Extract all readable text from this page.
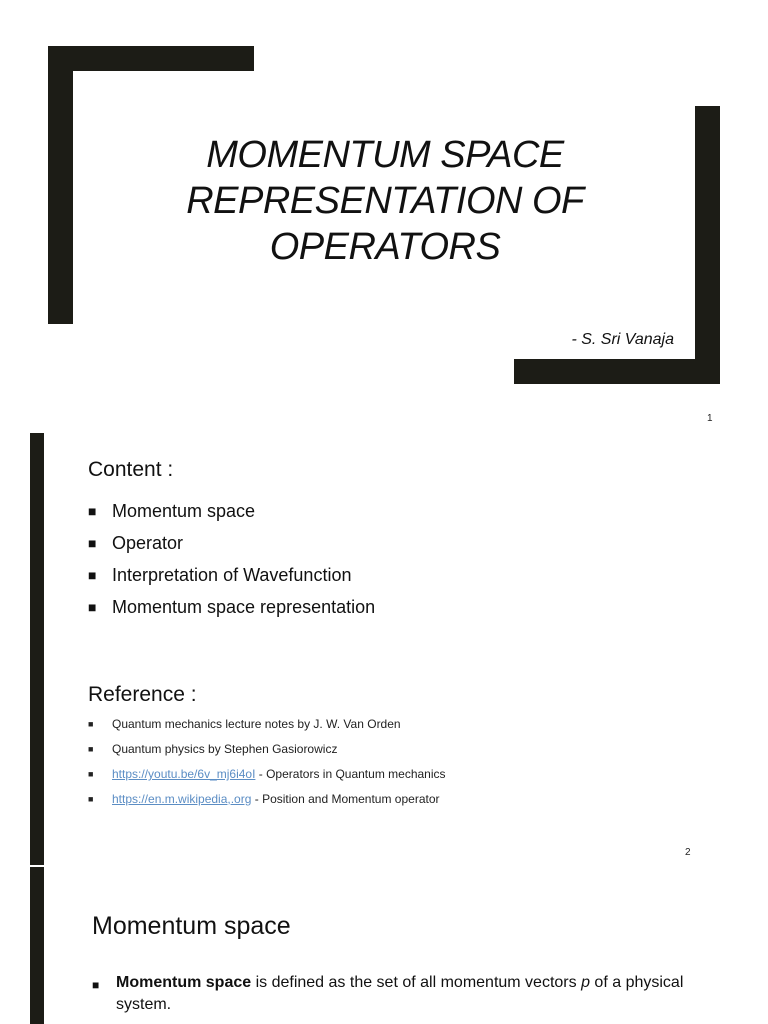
MOMENTUM SPACE
REPRESENTATION OF
OPERATORS
- S. Sri Vanaja
1
Content :
■ Momentum space
■ Operator
■ Interpretation of Wavefunction
■ Momentum space representation
Reference :
■ Quantum mechanics lecture notes by J. W. Van Orden
■ Quantum physics by Stephen Gasiorowicz
■ https://youtu.be/6v_mj6i4oI - Operators in Quantum mechanics
■ https://en.m.wikipedia,.org - Position and Momentum operator
2
Momentum space
■	Momentum space is defined as the set of all momentum vectors p of a physical system.
